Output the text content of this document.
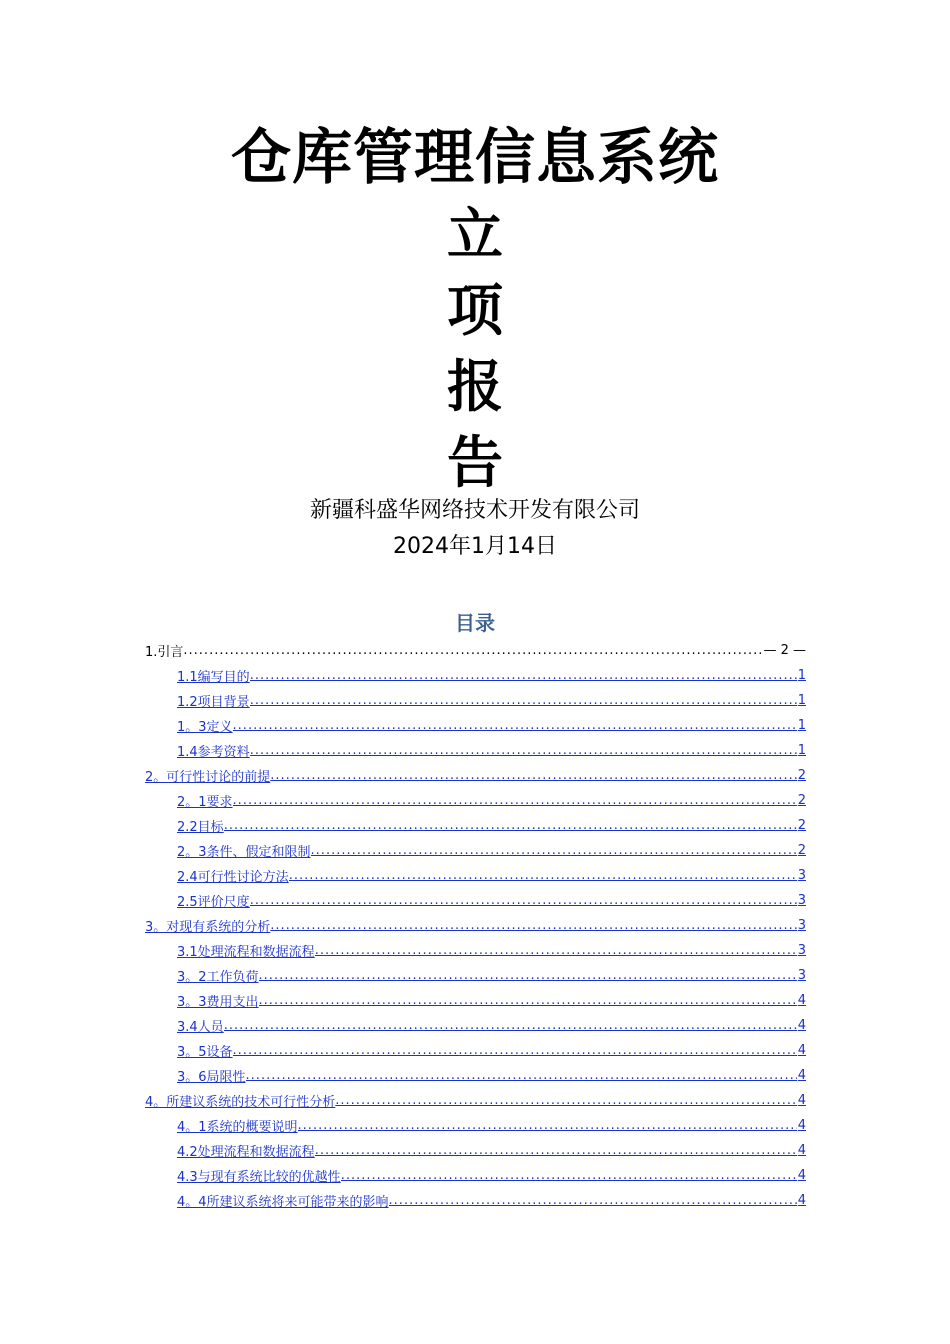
仓库管理信息系统
立
项
报
告
新疆科盛华网络技术开发有限公司
2024年1月14日
目录
1.引言 .....	— 2 —
1.1编写目的 .....	1
1.2项目背景 .....	1
1。3定义 .....	1
1.4参考资料 .....	1
2。可行性讨论的前提 .....	2
2。1要求 .....	2
2.2目标 .....	2
2。3条件、假定和限制 .....	2
2.4可行性讨论方法 .....	3
2.5评价尺度 .....	3
3。对现有系统的分析 .....	3
3.1处理流程和数据流程 .....	3
3。2工作负荷 .....	3
3。3费用支出 .....	4
3.4人员 .....	4
3。5设备 .....	4
3。6局限性 .....	4
4。所建议系统的技术可行性分析 .....	4
4。1系统的概要说明 .....	4
4.2处理流程和数据流程 .....	4
4.3与现有系统比较的优越性 .....	4
4。4所建议系统将来可能带来的影响 .....	4
